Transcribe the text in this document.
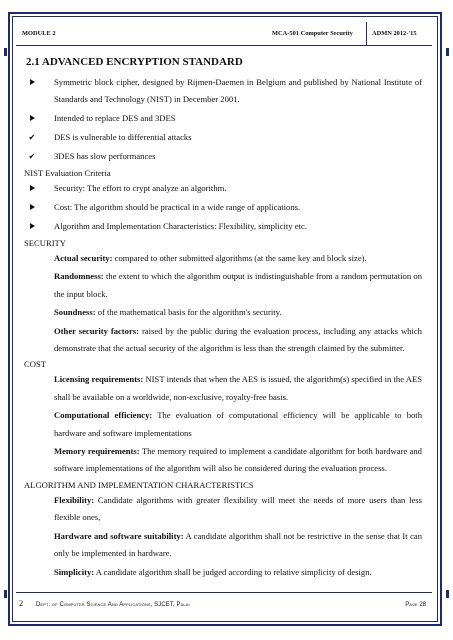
MODULE 2	MCA-501 Computer Security	ADMN 2012-'15
2.1 ADVANCED ENCRYPTION STANDARD
Symmetric block cipher, designed by Rijmen-Daemen in Belgium and published by National Institute of Standards and Technology (NIST) in December 2001.
Intended to replace DES and 3DES
✔ DES is vulnerable to differential attacks
✔ 3DES has slow performances
NIST Evaluation Criteria
Security: The effort to crypt analyze an algorithm.
Cost: The algorithm should be practical in a wide range of applications.
Algorithm and Implementation Characteristics: Flexibility, simplicity etc.
SECURITY
Actual security: compared to other submitted algorithms (at the same key and block size).
Randomness: the extent to which the algorithm output is indistinguishable from a random permutation on the input block.
Soundness: of the mathematical basis for the algorithm's security.
Other security factors: raised by the public during the evaluation process, including any attacks which demonstrate that the actual security of the algorithm is less than the strength claimed by the submitter.
COST
Licensing requirements: NIST intends that when the AES is issued, the algorithm(s) specified in the AES shall be available on a worldwide, non-exclusive, royalty-free basis.
Computational efficiency: The evaluation of computational efficiency will be applicable to both hardware and software implementations
Memory requirements: The memory required to implement a candidate algorithm for both hardware and software implementations of the algorithm will also be considered during the evaluation process.
ALGORITHM AND IMPLEMENTATION CHARACTERISTICS
Flexibility: Candidate algorithms with greater flexibility will meet the needs of more users than less flexible ones,
Hardware and software suitability: A candidate algorithm shall not be restrictive in the sense that It can only be implemented in hardware.
Simplicity: A candidate algorithm shall be judged according to relative simplicity of design.
2 Dept. of Computer Science And Applications, SJCET, Palai	Page 28
